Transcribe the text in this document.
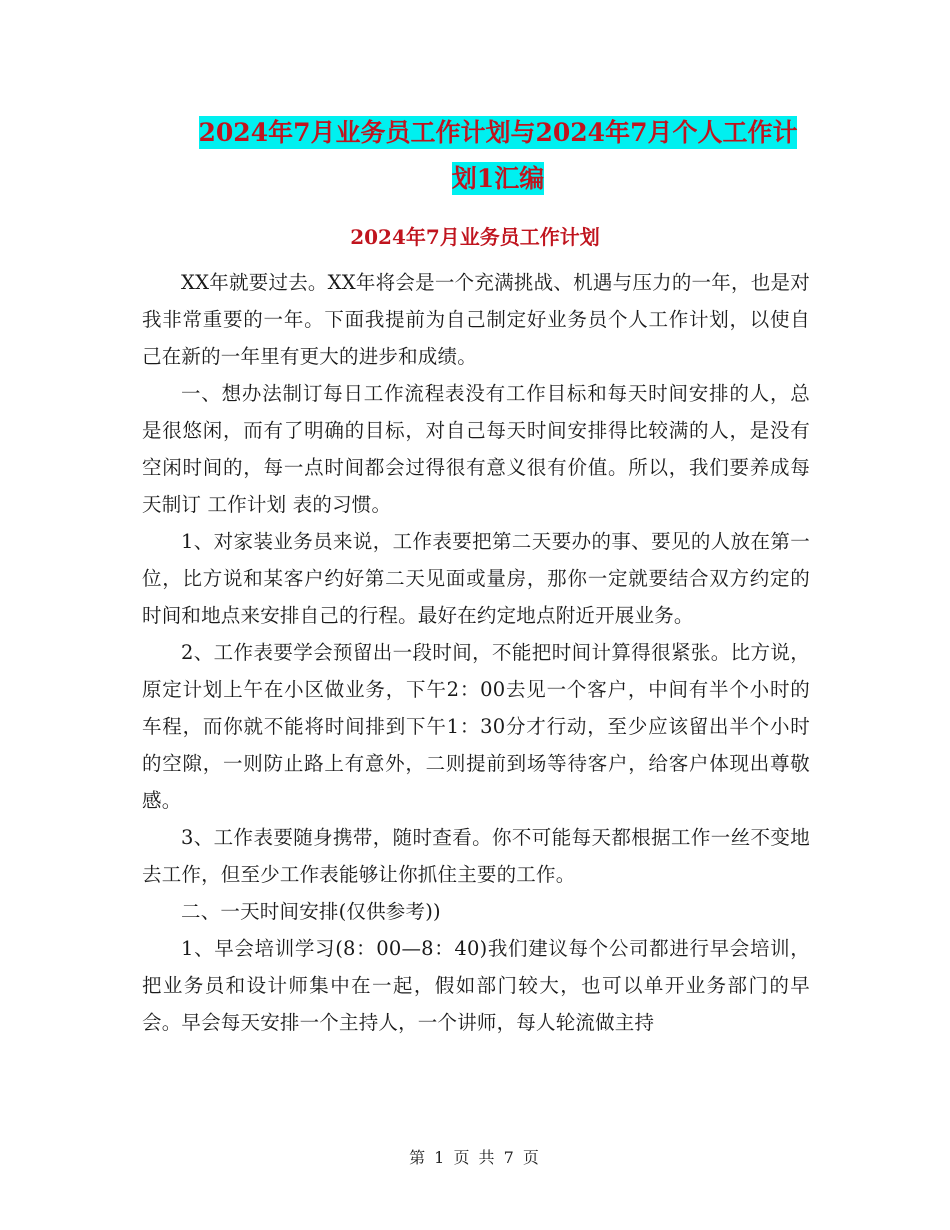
2024年7月业务员工作计划与2024年7月个人工作计
划1汇编
2024年7月业务员工作计划

XX年就要过去。XX年将会是一个充满挑战、机遇与压力的一年，也是对我非常重要的一年。下面我提前为自己制定好业务员个人工作计划，以使自己在新的一年里有更大的进步和成绩。

一、想办法制订每日工作流程表没有工作目标和每天时间安排的人，总是很悠闲，而有了明确的目标，对自己每天时间安排得比较满的人，是没有空闲时间的，每一点时间都会过得很有意义很有价值。所以，我们要养成每天制订 工作计划 表的习惯。

1、对家装业务员来说，工作表要把第二天要办的事、要见的人放在第一位，比方说和某客户约好第二天见面或量房，那你一定就要结合双方约定的时间和地点来安排自己的行程。最好在约定地点附近开展业务。

2、工作表要学会预留出一段时间，不能把时间计算得很紧张。比方说，原定计划上午在小区做业务，下午2：00去见一个客户，中间有半个小时的车程，而你就不能将时间排到下午1：30分才行动，至少应该留出半个小时的空隙，一则防止路上有意外，二则提前到场等待客户，给客户体现出尊敬感。

3、工作表要随身携带，随时查看。你不可能每天都根据工作一丝不变地去工作，但至少工作表能够让你抓住主要的工作。

二、一天时间安排(仅供参考))

1、早会培训学习(8：00—8：40)我们建议每个公司都进行早会培训，把业务员和设计师集中在一起，假如部门较大，也可以单开业务部门的早会。早会每天安排一个主持人，一个讲师，每人轮流做主持

第 1 页 共 7 页
